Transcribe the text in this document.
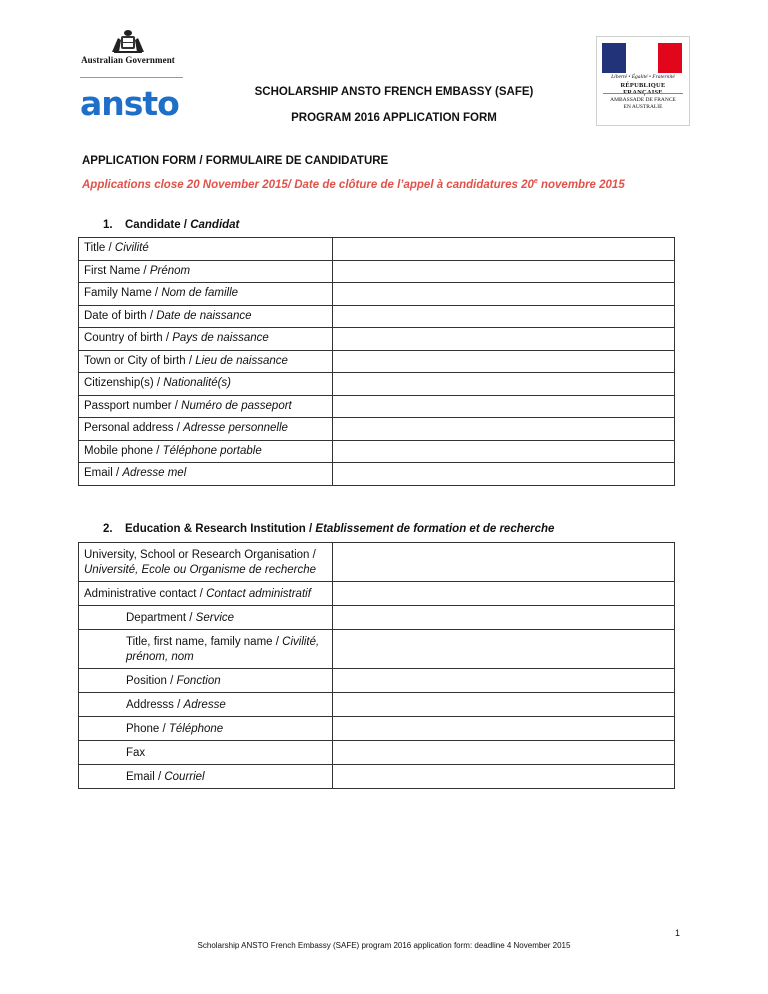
Australian Government
ansto	SCHOLARSHIP ANSTO FRENCH EMBASSY (SAFE)
PROGRAM 2016 APPLICATION FORM
Liberté • Égalité • Fraternité
RÉPUBLIQUE
AMBASSADE DE FRANCE
EN AUSTRALIE
APPLICATION FORM / FORMULAIRE DE CANDIDATURE
Applications close 20 November 2015/ Date de clôture de l’appel à candidatures 20e novembre 2015
1. Candidate / Candidat
Title / Civilité	
First Name / Prénom	
Family Name / Nom de famille	
Date of birth / Date de naissance	
Country of birth / Pays de naissance	
Town or City of birth / Lieu de naissance	
Citizenship(s) / Nationalité(s)	
Passport number / Numéro de passeport	
Personal address / Adresse personnelle	
Mobile phone / Téléphone portable	
Email / Adresse mel	
2. Education & Research Institution / Etablissement de formation et de recherche
University, School or Research Organisation / Université, Ecole ou Organisme de recherche	
Administrative contact / Contact administratif	
Department / Service	
Title, first name, family name / Civilité, prénom, nom	
Position / Fonction	
Addresss / Adresse	
Phone / Téléphone	
Fax	
Email / Courriel	
1
Scholarship ANSTO French Embassy (SAFE) program 2016 application form: deadline 4 November 2015
